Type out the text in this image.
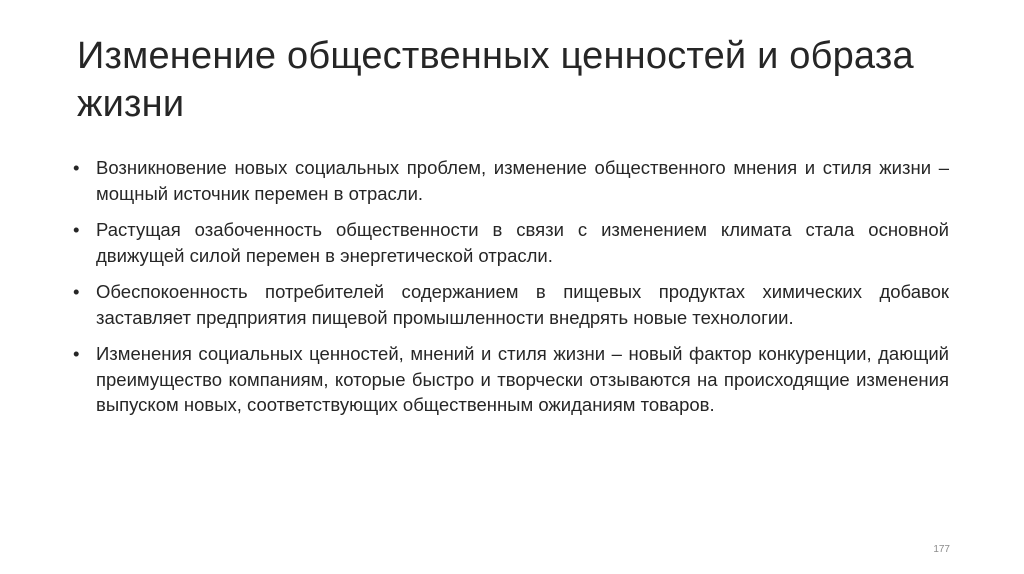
Изменение общественных ценностей и образа жизни
• Возникновение новых социальных проблем, изменение общественного мнения и стиля жизни – мощный источник перемен в отрасли.
• Растущая озабоченность общественности в связи с изменением климата стала основной движущей силой перемен в энергетической отрасли.
• Обеспокоенность потребителей содержанием в пищевых продуктах химических добавок заставляет предприятия пищевой промышленности внедрять новые технологии.
• Изменения социальных ценностей, мнений и стиля жизни – новый фактор конкуренции, дающий преимущество компаниям, которые быстро и творчески отзываются на происходящие изменения выпуском новых, соответствующих общественным ожиданиям товаров.
177
